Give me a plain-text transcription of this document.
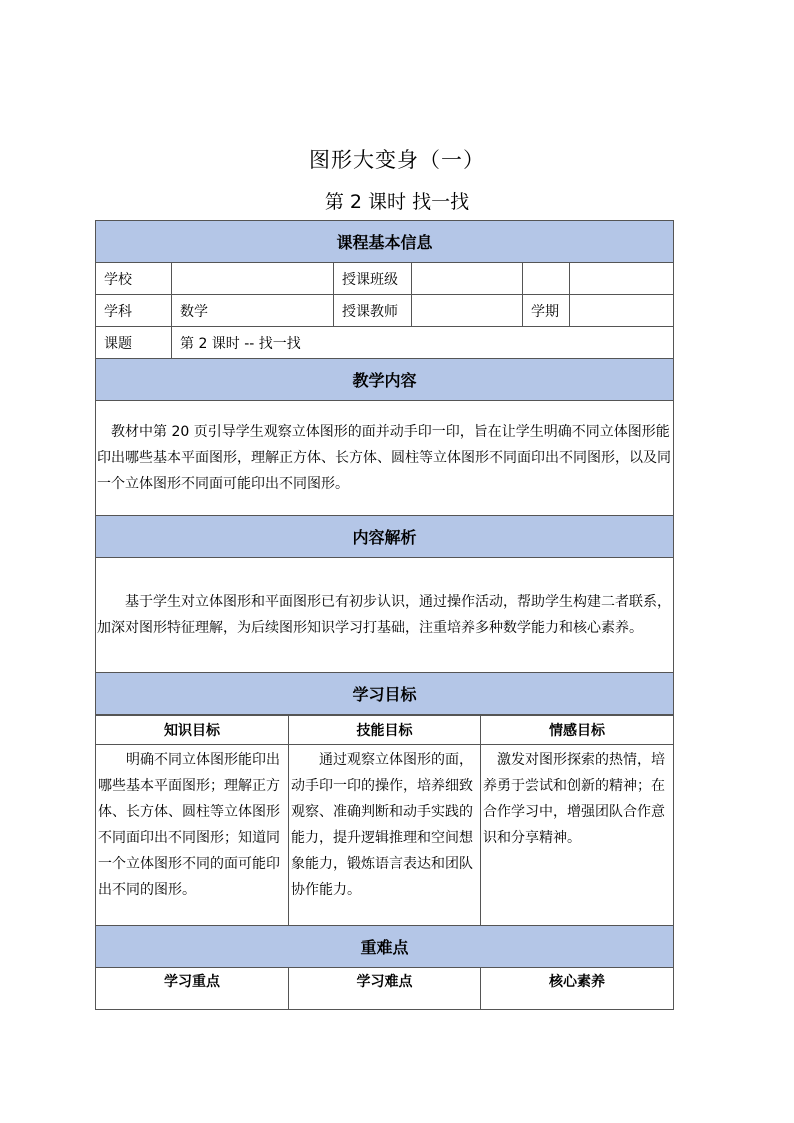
图形大变身（一）
第 2 课时 找一找
课程基本信息					
学校		授课班级			
学科	数学	授课教师		学期	
课题	第 2 课时 -- 找一找				
教学内容					

教材中第 20 页引导学生观察立体图形的面并动手印一印，旨在让学生明确不同立体图形能印出哪些基本平面图形，理解正方体、长方体、圆柱等立体图形不同面印出不同图形，以及同一个立体图形不同面可能印出不同图形。					

内容解析					

基于学生对立体图形和平面图形已有初步认识，通过操作活动，帮助学生构建二者联系，加深对图形特征理解，为后续图形知识学习打基础，注重培养多种数学能力和核心素养。					

学习目标					
知识目标	技能目标	情感目标

明确不同立体图形能印出哪些基本平面图形；理解正方体、长方体、圆柱等立体图形不同面印出不同图形；知道同一个立体图形不同的面可能印出不同的图形。	通过观察立体图形的面，动手印一印的操作，培养细致观察、准确判断和动手实践的能力，提升逻辑推理和空间想象能力，锻炼语言表达和团队协作能力。	激发对图形探索的热情，培养勇于尝试和创新的精神；在合作学习中，增强团队合作意识和分享精神。

重难点		
学习重点	学习难点	核心素养
